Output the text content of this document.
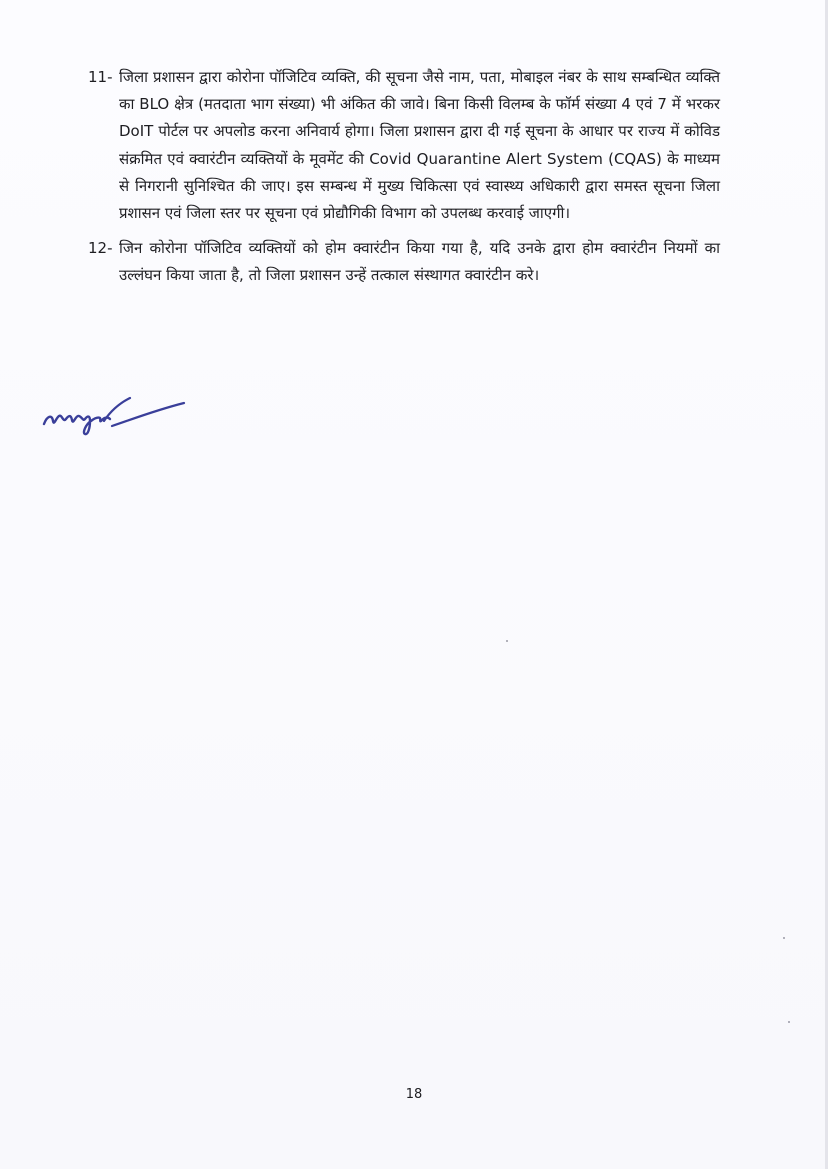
11- जिला प्रशासन द्वारा कोरोना पॉजिटिव व्यक्ति, की सूचना जैसे नाम, पता, मोबाइल नंबर के साथ सम्बन्धित व्यक्ति का BLO क्षेत्र (मतदाता भाग संख्या) भी अंकित की जावे। बिना किसी विलम्ब के फॉर्म संख्या 4 एवं 7 में भरकर DoIT पोर्टल पर अपलोड करना अनिवार्य होगा। जिला प्रशासन द्वारा दी गई सूचना के आधार पर राज्य में कोविड संक्रमित एवं क्वारंटीन व्यक्तियों के मूवमेंट की Covid Quarantine Alert System (CQAS) के माध्यम से निगरानी सुनिश्चित की जाए। इस सम्बन्ध में मुख्य चिकित्सा एवं स्वास्थ्य अधिकारी द्वारा समस्त सूचना जिला प्रशासन एवं जिला स्तर पर सूचना एवं प्रोद्यौगिकी विभाग को उपलब्ध करवाई जाएगी।

12- जिन कोरोना पॉजिटिव व्यक्तियों को होम क्वारंटीन किया गया है, यदि उनके द्वारा होम क्वारंटीन नियमों का उल्लंघन किया जाता है, तो जिला प्रशासन उन्हें तत्काल संस्थागत क्वारंटीन करे।

18
